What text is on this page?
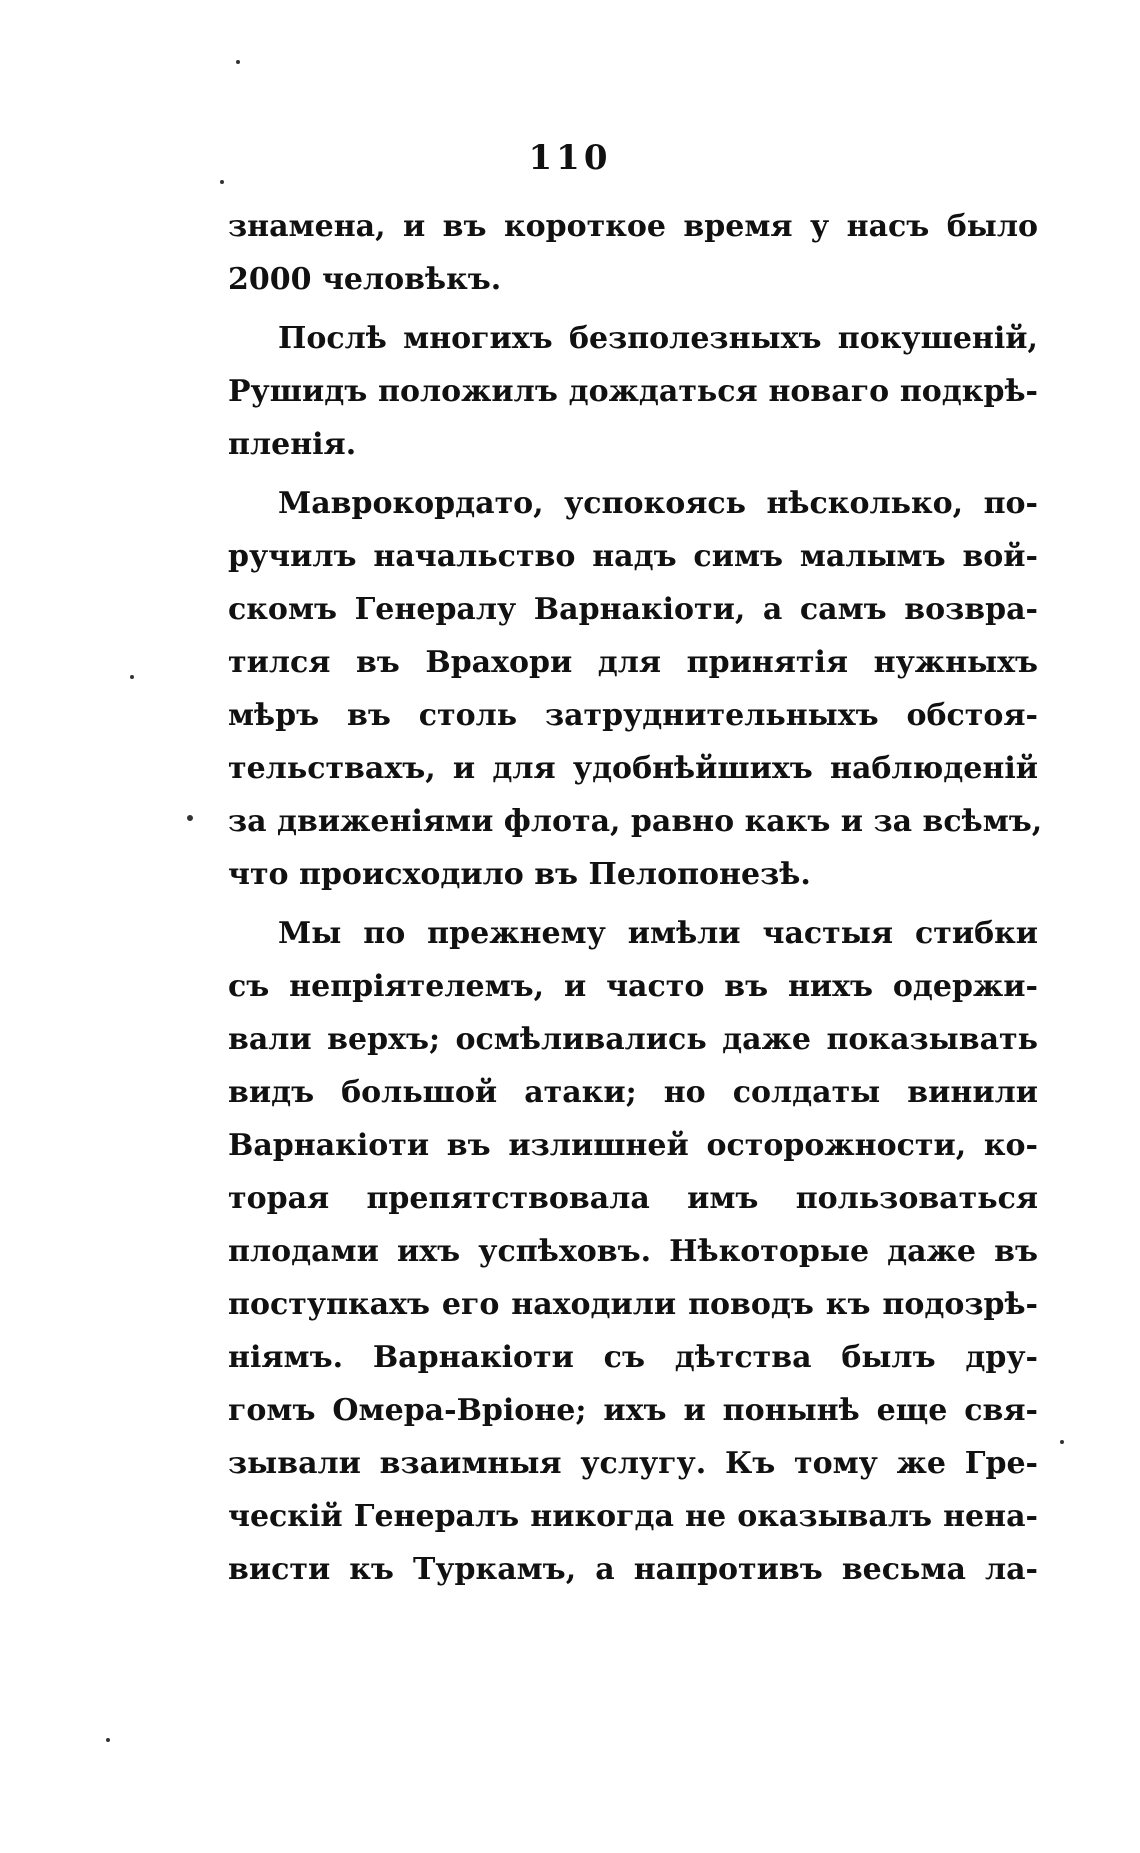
110
знамена, и въ короткое время у насъ было
2000 человѣкъ.
Послѣ многихъ безполезныхъ покушеній,
Рушидъ положилъ дождаться новаго подкрѣ-
пленія.
Маврокордато, успокоясь нѣсколько, по-
ручилъ начальство надъ симъ малымъ вой-
скомъ Генералу Варнакіоти, а самъ возвра-
тился въ Врахори для принятія нужныхъ
мѣръ въ столь затруднительныхъ обстоя-
тельствахъ, и для удобнѣйшихъ наблюденій
за движеніями флота, равно какъ и за всѣмъ,
что происходило въ Пелопонезѣ.
Мы по прежнему имѣли частыя стибки
съ непріятелемъ, и часто въ нихъ одержи-
вали верхъ; осмѣливались даже показывать
видъ большой атаки; но солдаты винили
Варнакіоти въ излишней осторожности, ко-
торая препятствовала имъ пользоваться
плодами ихъ успѣховъ. Нѣкоторые даже въ
поступкахъ его находили поводъ къ подозрѣ-
ніямъ. Варнакіоти съ дѣтства былъ дру-
гомъ Омера-Вріоне; ихъ и понынѣ еще свя-
зывали взаимныя услугу. Къ тому же Гре-
ческій Генералъ никогда не оказывалъ нена-
висти къ Туркамъ, а напротивъ весьма ла-
